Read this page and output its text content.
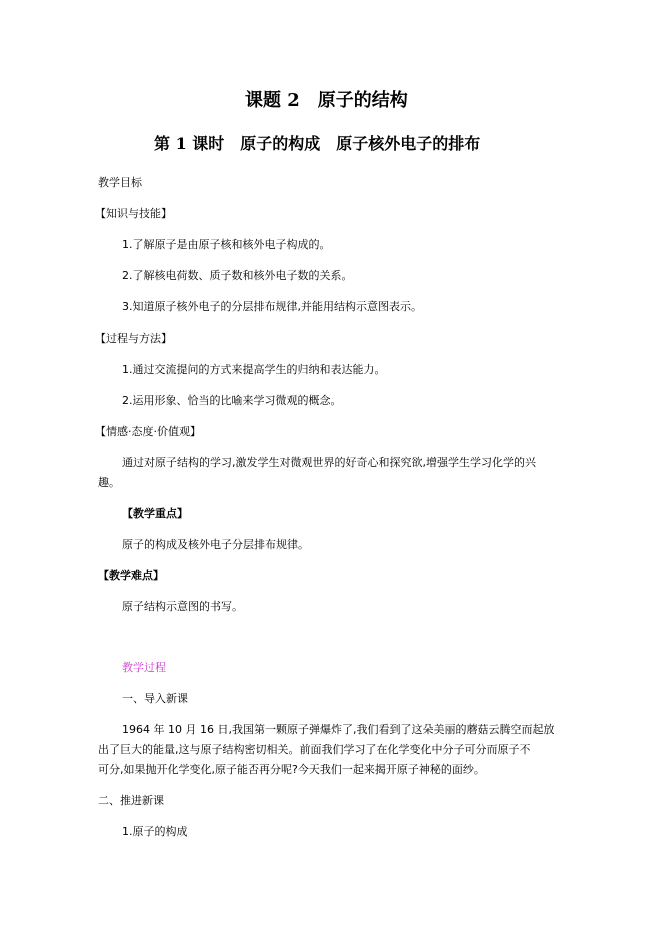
课题 2　原子的结构
第 1 课时　原子的构成　原子核外电子的排布
教学目标
【知识与技能】
1.了解原子是由原子核和核外电子构成的。
2.了解核电荷数、质子数和核外电子数的关系。
3.知道原子核外电子的分层排布规律,并能用结构示意图表示。
【过程与方法】
1.通过交流提问的方式来提高学生的归纳和表达能力。
2.运用形象、恰当的比喻来学习微观的概念。
【情感·态度·价值观】
通过对原子结构的学习,激发学生对微观世界的好奇心和探究欲,增强学生学习化学的兴
趣。
【教学重点】
原子的构成及核外电子分层排布规律。
【教学难点】
原子结构示意图的书写。
教学过程
一、导入新课
1964 年 10 月 16 日,我国第一颗原子弹爆炸了,我们看到了这朵美丽的蘑菇云腾空而起放
出了巨大的能量,这与原子结构密切相关。前面我们学习了在化学变化中分子可分而原子不
可分,如果抛开化学变化,原子能否再分呢?今天我们一起来揭开原子神秘的面纱。
二、推进新课
1.原子的构成
